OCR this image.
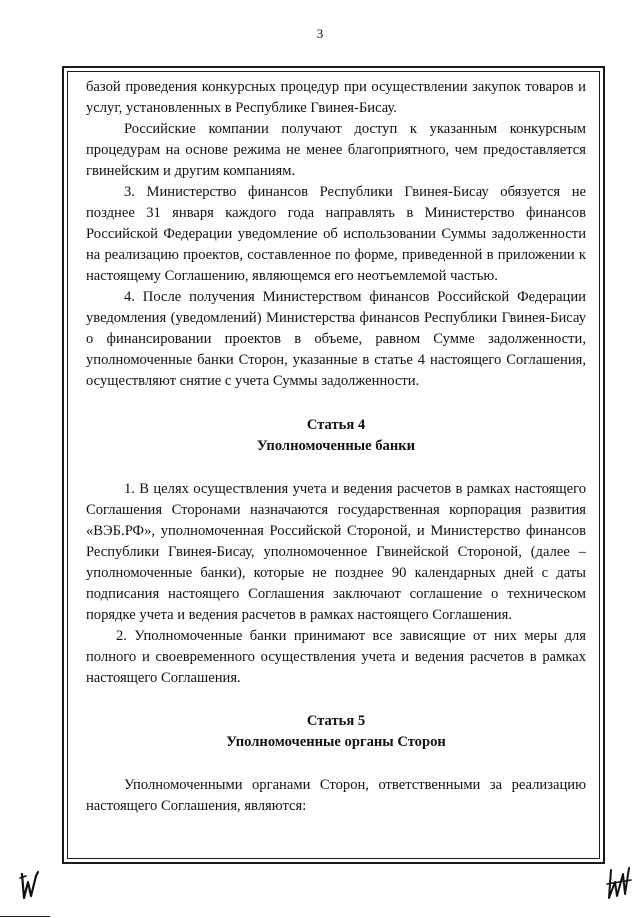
3

базой проведения конкурсных процедур при осуществлении закупок товаров и услуг, установленных в Республике Гвинея-Бисау.

Российские компании получают доступ к указанным конкурсным процедурам на основе режима не менее благоприятного, чем предоставляется гвинейским и другим компаниям.

3. Министерство финансов Республики Гвинея-Бисау обязуется не позднее 31 января каждого года направлять в Министерство финансов Российской Федерации уведомление об использовании Суммы задолженности на реализацию проектов, составленное по форме, приведенной в приложении к настоящему Соглашению, являющемся его неотъемлемой частью.

4. После получения Министерством финансов Российской Федерации уведомления (уведомлений) Министерства финансов Республики Гвинея-Бисау о финансировании проектов в объеме, равном Сумме задолженности, уполномоченные банки Сторон, указанные в статье 4 настоящего Соглашения, осуществляют снятие с учета Суммы задолженности.

Статья 4

Уполномоченные банки

1. В целях осуществления учета и ведения расчетов в рамках настоящего Соглашения Сторонами назначаются государственная корпорация развития «ВЭБ.РФ», уполномоченная Российской Стороной, и Министерство финансов Республики Гвинея-Бисау, уполномоченное Гвинейской Стороной, (далее – уполномоченные банки), которые не позднее 90 календарных дней с даты подписания настоящего Соглашения заключают соглашение о техническом порядке учета и ведения расчетов в рамках настоящего Соглашения.

2. Уполномоченные банки принимают все зависящие от них меры для полного и своевременного осуществления учета и ведения расчетов в рамках настоящего Соглашения.

Статья 5

Уполномоченные органы Сторон

Уполномоченными органами Сторон, ответственными за реализацию настоящего Соглашения, являются:
